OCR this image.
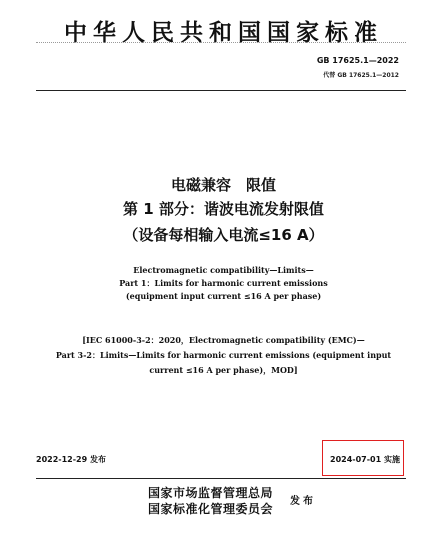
中华人民共和国国家标准
GB 17625.1—2022
代替 GB 17625.1—2012
电磁兼容　限值
第 1 部分：谐波电流发射限值
（设备每相输入电流≤16 A）
Electromagnetic compatibility—Limits—
Part 1：Limits for harmonic current emissions
(equipment input current ≤16 A per phase)
[IEC 61000-3-2：2020，Electromagnetic compatibility (EMC)—
Part 3-2：Limits—Limits for harmonic current emissions (equipment input
current ≤16 A per phase)，MOD]
2022-12-29 发布	2024-07-01 实施
国家市场监督管理总局
国家标准化管理委员会
发布
